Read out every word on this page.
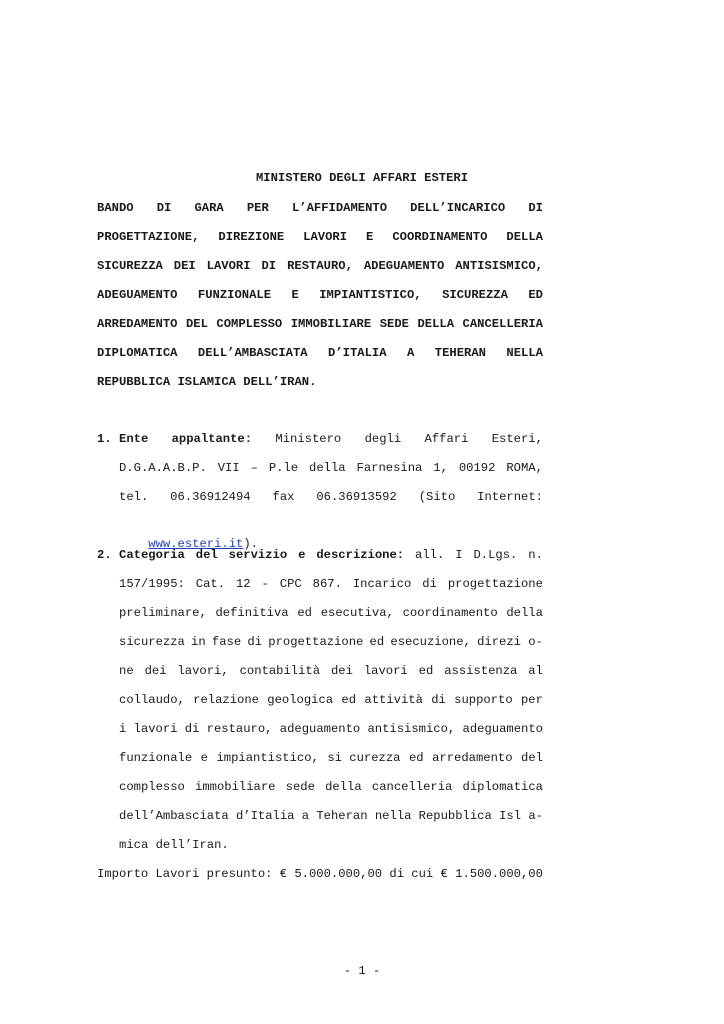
MINISTERO DEGLI AFFARI ESTERI
BANDO DI GARA PER L’AFFIDAMENTO DELL’INCARICO DI
PROGETTAZIONE, DIREZIONE LAVORI E COORDINAMENTO DELLA
SICUREZZA DEI LAVORI DI RESTAURO, ADEGUAMENTO ANTISISMICO,
ADEGUAMENTO FUNZIONALE E IMPIANTISTICO, SICUREZZA ED
ARREDAMENTO DEL COMPLESSO IMMOBILIARE SEDE DELLA CANCELLERIA
DIPLOMATICA DELL’AMBASCIATA D’ITALIA A TEHERAN NELLA
REPUBBLICA ISLAMICA DELL’IRAN.
1. Ente appaltante: Ministero degli Affari Esteri,
D.G.A.A.B.P. VII – P.le della Farnesina 1, 00192 ROMA,
tel. 06.36912494 fax 06.36913592 (Sito Internet:

www.esteri.it).

2. Categoria del servizio e descrizione: all. I D.Lgs. n.
157/1995: Cat. 12 - CPC 867. Incarico di progettazione
preliminare, definitiva ed esecutiva, coordinamento della
sicurezza in fase di progettazione ed esecuzione, direzi o-
ne dei lavori, contabilità dei lavori ed assistenza al
collaudo, relazione geologica ed attività di supporto per
i lavori di restauro, adeguamento antisismico, adeguamento
funzionale e impiantistico, si curezza ed arredamento del
complesso immobiliare sede della cancelleria diplomatica
dell’Ambasciata d’Italia a Teheran nella Repubblica Isl a-
mica dell’Iran.
Importo Lavori presunto: € 5.000.000,00 di cui € 1.500.000,00
- 1 -
